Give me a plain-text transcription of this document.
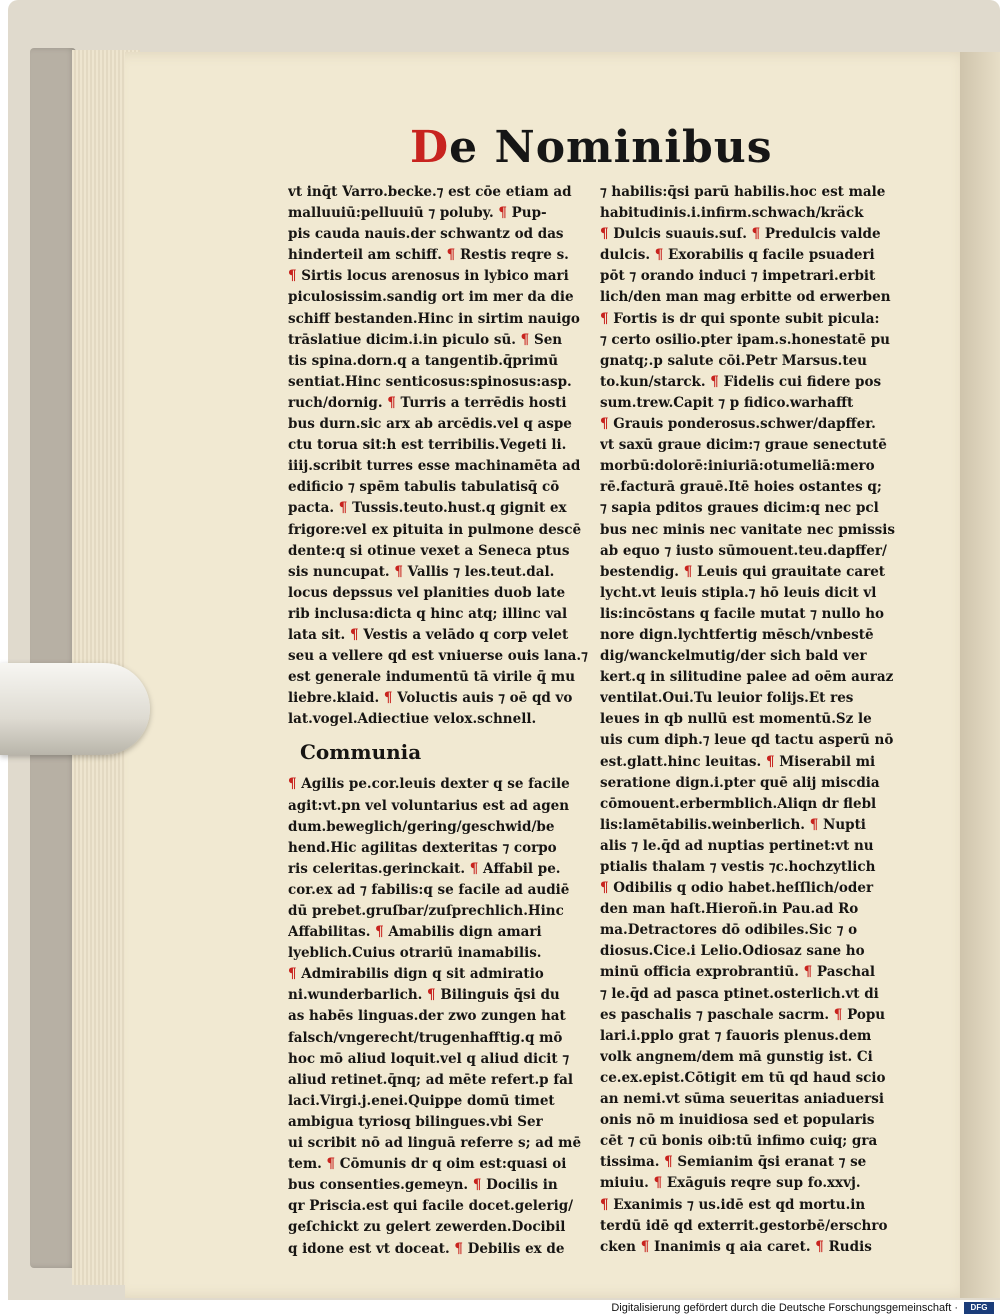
De Nominibus
vt inq̄t Varro.becke.⁊ est cōe etiam ad
malluuiū:pelluuiū ⁊ poluby. ¶ Pup-
pis cauda nauis.der schwantz od das
hinderteil am schiff. ¶ Restis reqre s.
¶ Sirtis locus arenosus in lybico mari
piculosissim.sandig ort im mer da die
schiff bestanden.Hinc in sirtim nauigo
trāslatiue dicim.i.in piculo sū. ¶ Sen
tis spina.dorn.q a tangentib.q̄primū
sentiat.Hinc senticosus:spinosus:asp.
ruch/dornig. ¶ Turris a terrēdis hosti
bus durn.sic arx ab arcēdis.vel q aspe
ctu torua sit:h est terribilis.Vegeti li.
iiij.scribit turres esse machinamēta ad
edificio ⁊ spēm tabulis tabulatisq̄ cō
pacta. ¶ Tussis.teuto.hust.q gignit ex
frigore:vel ex pituita in pulmone descē
dente:q si otinue vexet a Seneca ptus
sis nuncupat. ¶ Vallis ⁊ les.teut.dal.
locus depssus vel planities duob late
rib inclusa:dicta q hinc atq; illinc val
lata sit. ¶ Vestis a velādo q corp velet
seu a vellere qd est vniuerse ouis lana.⁊
est generale indumentū tā virile q̄ mu
liebre.klaid. ¶ Voluctis auis ⁊ oē qd vo
lat.vogel.Adiectiue velox.schnell.
Communia
¶ Agilis pe.cor.leuis dexter q se facile
agit:vt.pn vel voluntarius est ad agen
dum.beweglich/gering/geschwid/be
hend.Hic agilitas dexteritas ⁊ corpo
ris celeritas.gerinckait. ¶ Affabil pe.
cor.ex ad ⁊ fabilis:q se facile ad audiē
dū prebet.gruſbar/zuſprechlich.Hinc
Affabilitas. ¶ Amabilis dign amari
lyeblich.Cuius otrariū inamabilis.
¶ Admirabilis dign q sit admiratio
ni.wunderbarlich. ¶ Bilinguis q̄si du
as habēs linguas.der zwo zungen hat
falsch/vngerecht/trugenhafftig.q mō
hoc mō aliud loquit.vel q aliud dicit ⁊
aliud retinet.q̄nq; ad mēte refert.p fal
laci.Virgi.j.enei.Quippe domū timet
ambigua tyriosq bilingues.vbi Ser
ui scribit nō ad linguā referre s; ad mē
tem. ¶ Cōmunis dr q oim est:quasi oi
bus consenties.gemeyn. ¶ Docilis in
qr Priscia.est qui facile docet.gelerig/
geſchickt zu gelert zewerden.Docibil
q idone est vt doceat. ¶ Debilis ex de
⁊ habilis:q̄si parū habilis.hoc est male
habitudinis.i.infirm.schwach/kräck
¶ Dulcis suauis.suſ. ¶ Predulcis valde
dulcis. ¶ Exorabilis q facile psuaderi
pōt ⁊ orando induci ⁊ impetrari.erbit
lich/den man mag erbitte od erwerben
¶ Fortis is dr qui sponte subit picula:
⁊ certo osilio.pter ipam.s.honestatē pu
gnatq;.p salute cōi.Petr Marsus.teu
to.kun/starck. ¶ Fidelis cui fidere pos
sum.trew.Capit ⁊ p fidico.warhafft
¶ Grauis ponderosus.schwer/dapffer.
vt saxū graue dicim:⁊ graue senectutē
morbū:dolorē:iniuriā:otumeliā:mero
rē.facturā grauē.Itē hoies ostantes q;
⁊ sapia pditos graues dicim:q nec pcl
bus nec minis nec vanitate nec pmissis
ab equo ⁊ iusto sūmouent.teu.dapffer/
bestendig. ¶ Leuis qui grauitate caret
lycht.vt leuis stipla.⁊ hō leuis dicit vl
lis:incōstans q facile mutat ⁊ nullo ho
nore dign.lychtfertig mēsch/vnbestē
dig/wanckelmutig/der sich bald ver
kert.q in silitudine palee ad oēm auraz
ventilat.Oui.Tu leuior folijs.Et res
leues in qb nullū est momentū.Sz le
uis cum diph.⁊ leue qd tactu asperū nō
est.glatt.hinc leuitas. ¶ Miserabil mi
seratione dign.i.pter quē alij miscdia
cōmouent.erbermblich.Aliqn dr flebl
lis:lamētabilis.weinberlich. ¶ Nupti
alis ⁊ le.q̄d ad nuptias pertinet:vt nu
ptialis thalam ⁊ vestis ⁊c.hochzytlich
¶ Odibilis q odio habet.heſſlich/oder
den man haſt.Hieroñ.in Pau.ad Ro
ma.Detractores dō odibiles.Sic ⁊ o
diosus.Cice.i Lelio.Odiosaz sane ho
minū officia exprobrantiū. ¶ Paschal
⁊ le.q̄d ad pasca ptinet.osterlich.vt di
es paschalis ⁊ paschale sacrm. ¶ Popu
lari.i.pplo grat ⁊ fauoris plenus.dem
volk angnem/dem mā gunstig ist. Ci
ce.ex.epist.Cōtigit em tū qd haud scio
an nemi.vt sūma seueritas aniaduersi
onis nō m inuidiosa sed et popularis
cēt ⁊ cū bonis oib:tū infimo cuiq; gra
tissima. ¶ Semianim q̄si eranat ⁊ se
miuiu. ¶ Exāguis reqre sup fo.xxvj.
¶ Exanimis ⁊ us.idē est qd mortu.in
terdū idē qd exterrit.gestorbē/erschro
cken ¶ Inanimis q aia caret. ¶ Rudis
Digitalisierung gefördert durch die Deutsche Forschungsgemeinschaft ·	DFG
